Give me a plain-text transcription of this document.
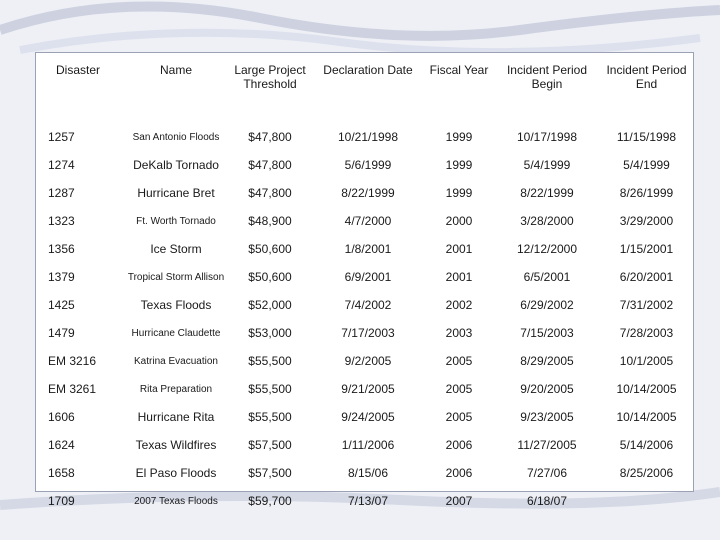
Disaster	Name	Large Project Threshold	Declaration Date	Fiscal Year	Incident Period Begin	Incident Period End
1257	San Antonio Floods	$47,800	10/21/1998	1999	10/17/1998	11/15/1998
1274	DeKalb Tornado	$47,800	5/6/1999	1999	5/4/1999	5/4/1999
1287	Hurricane Bret	$47,800	8/22/1999	1999	8/22/1999	8/26/1999
1323	Ft. Worth Tornado	$48,900	4/7/2000	2000	3/28/2000	3/29/2000
1356	Ice Storm	$50,600	1/8/2001	2001	12/12/2000	1/15/2001
1379	Tropical Storm Allison	$50,600	6/9/2001	2001	6/5/2001	6/20/2001
1425	Texas Floods	$52,000	7/4/2002	2002	6/29/2002	7/31/2002
1479	Hurricane Claudette	$53,000	7/17/2003	2003	7/15/2003	7/28/2003
EM 3216	Katrina Evacuation	$55,500	9/2/2005	2005	8/29/2005	10/1/2005
EM 3261	Rita Preparation	$55,500	9/21/2005	2005	9/20/2005	10/14/2005
1606	Hurricane Rita	$55,500	9/24/2005	2005	9/23/2005	10/14/2005
1624	Texas Wildfires	$57,500	1/11/2006	2006	11/27/2005	5/14/2006
1658	El Paso Floods	$57,500	8/15/06	2006	7/27/06	8/25/2006
1709	2007 Texas Floods	$59,700	7/13/07	2007	6/18/07	
